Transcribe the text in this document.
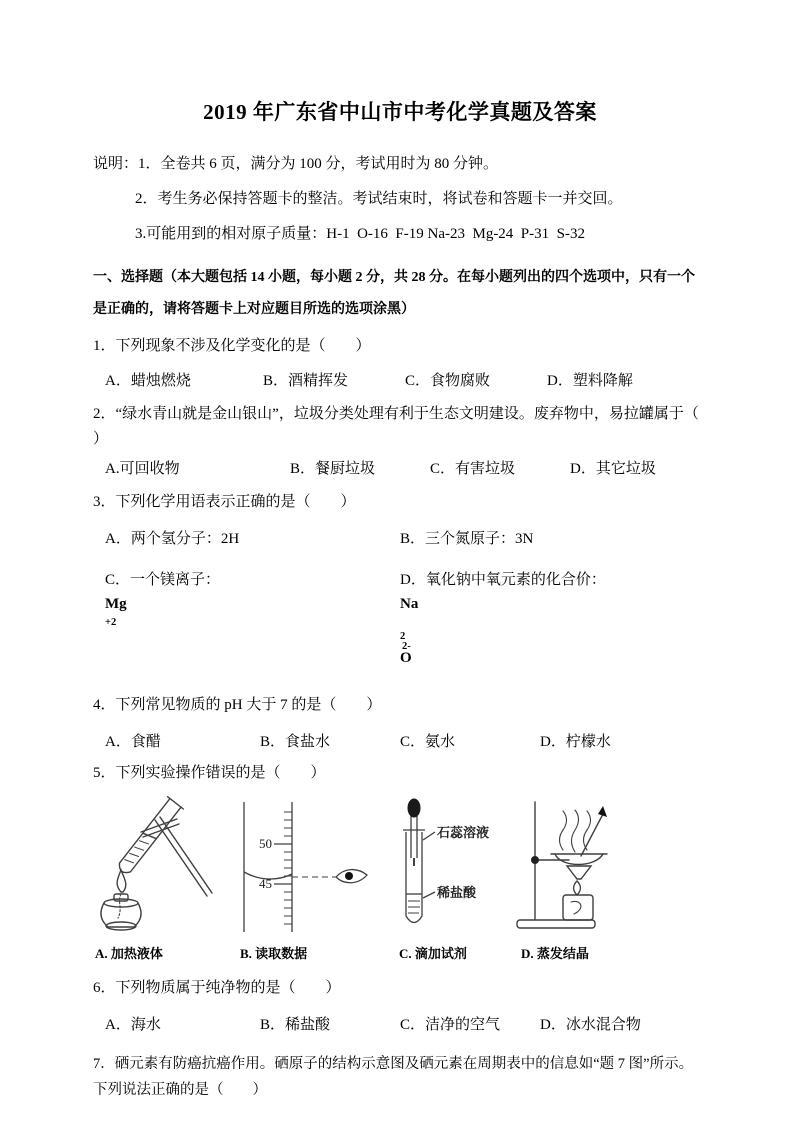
2019 年广东省中山市中考化学真题及答案

说明：1．全卷共 6 页，满分为 100 分，考试用时为 80 分钟。

2．考生务必保持答题卡的整洁。考试结束时，将试卷和答题卡一并交回。

3.可能用到的相对原子质量：H-1  O-16  F-19 Na-23  Mg-24  P-31  S-32

一、选择题（本大题包括 14 小题，每小题 2 分，共 28 分。在每小题列出的四个选项中，只有一个
是正确的，请将答题卡上对应题目所选的选项涂黑）

1．下列现象不涉及化学变化的是（　　）

A．蜡烛燃烧	B．酒精挥发	C．食物腐败	D．塑料降解

2．“绿水青山就是金山银山”，垃圾分类处理有利于生态文明建设。废弃物中，易拉罐属于（
）

A.可回收物	B．餐厨垃圾	C．有害垃圾	D．其它垃圾

3．下列化学用语表示正确的是（　　）

A．两个氢分子：2H	B．三个氮原子：3N
C．一个镁离子：
Mg
$^{+2}$
D．氧化钠中氧元素的化合价：
Na
$_2$
2-
O

4．下列常见物质的 pH 大于 7 的是（　　）

A．食醋	B．食盐水	C．氨水	D．柠檬水

5．下列实验操作错误的是（　　）

A. 加热液体
50
45
B. 读取数据
石蕊溶液
稀盐酸
C. 滴加试剂	D. 蒸发结晶

6．下列物质属于纯净物的是（　　）

A．海水	B．稀盐酸	C．洁净的空气	D．冰水混合物

7．硒元素有防癌抗癌作用。硒原子的结构示意图及硒元素在周期表中的信息如“题 7 图”所示。
下列说法正确的是（　　）
